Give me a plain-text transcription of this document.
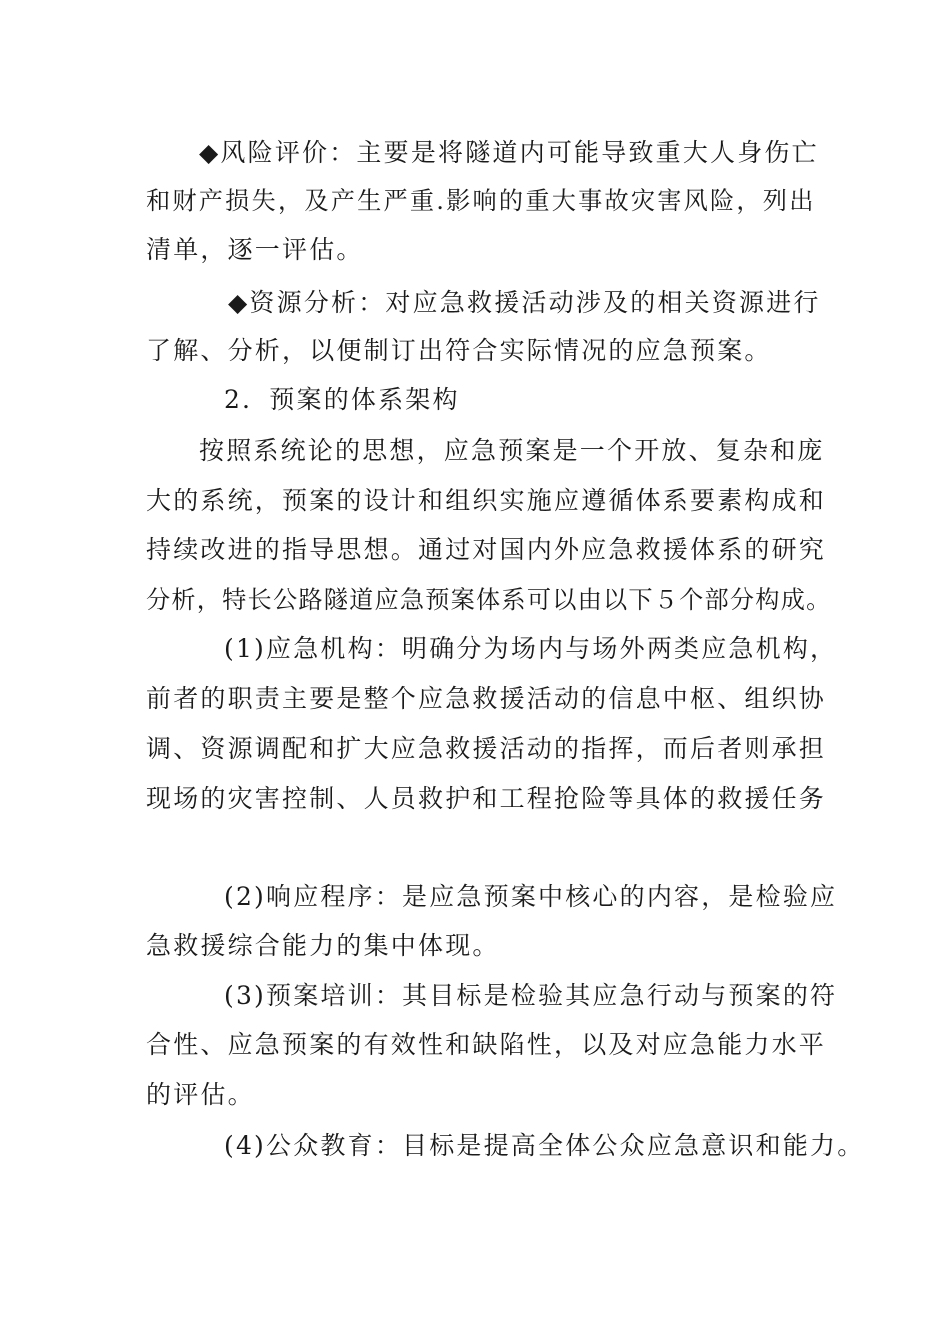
◆风险评价：主要是将隧道内可能导致重大人身伤亡
和财产损失，及产生严重.影响的重大事故灾害风险，列出
清单，逐一评估。
◆资源分析：对应急救援活动涉及的相关资源进行
了解、分析，以便制订出符合实际情况的应急预案。
2．预案的体系架构
按照系统论的思想，应急预案是一个开放、复杂和庞
大的系统，预案的设计和组织实施应遵循体系要素构成和
持续改进的指导思想。通过对国内外应急救援体系的研究
分析，特长公路隧道应急预案体系可以由以下５个部分构成。
(1)应急机构：明确分为场内与场外两类应急机构，
前者的职责主要是整个应急救援活动的信息中枢、组织协
调、资源调配和扩大应急救援活动的指挥，而后者则承担
现场的灾害控制、人员救护和工程抢险等具体的救援任务
(2)响应程序：是应急预案中核心的内容，是检验应
急救援综合能力的集中体现。
(3)预案培训：其目标是检验其应急行动与预案的符
合性、应急预案的有效性和缺陷性，以及对应急能力水平
的评估。
(4)公众教育：目标是提高全体公众应急意识和能力。
